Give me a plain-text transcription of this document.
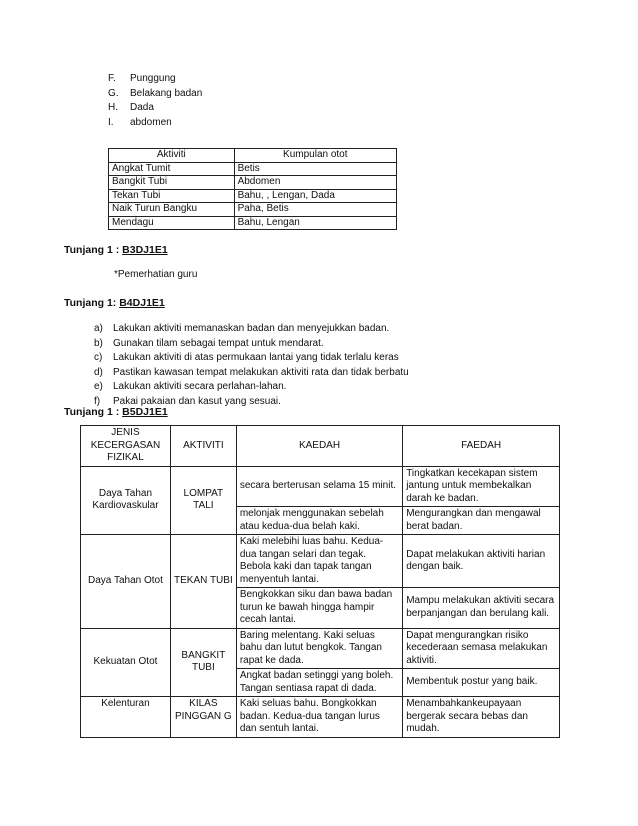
F.	Punggung
G.	Belakang badan
H.	Dada
I.	abdomen
Aktiviti	Kumpulan otot
Angkat Tumit	Betis
Bangkit Tubi	Abdomen
Tekan Tubi	Bahu, , Lengan, Dada
Naik Turun Bangku	Paha, Betis
Mendagu	Bahu, Lengan
Tunjang 1 : B3DJ1E1
*Pemerhatian guru
Tunjang 1: B4DJ1E1
a)	Lakukan aktiviti memanaskan badan dan menyejukkan badan.
b)	Gunakan tilam sebagai tempat untuk mendarat.
c)	Lakukan aktiviti di atas permukaan lantai yang tidak terlalu keras
d)	Pastikan kawasan tempat melakukan aktiviti rata dan tidak berbatu
e)	Lakukan aktiviti secara perlahan-lahan.
f)	Pakai pakaian dan kasut yang sesuai.
Tunjang 1 : B5DJ1E1
JENIS KECERGASAN FIZIKAL	AKTIVITI	KAEDAH	FAEDAH
Daya Tahan Kardiovaskular	LOMPAT TALI	secara berterusan selama 15 minit.	Tingkatkan kecekapan sistem jantung untuk membekalkan darah ke badan.
		melonjak menggunakan sebelah atau kedua-dua belah kaki.	Mengurangkan dan mengawal berat badan.
Daya Tahan Otot	TEKAN TUBI	Kaki melebihi luas bahu. Kedua-dua tangan selari dan tegak. Bebola kaki dan tapak tangan menyentuh lantai.	Dapat melakukan aktiviti harian dengan baik.
		Bengkokkan siku dan bawa badan turun ke bawah hingga hampir cecah lantai.	Mampu melakukan aktiviti secara berpanjangan dan berulang kali.
Kekuatan Otot	BANGKIT TUBI	Baring melentang. Kaki seluas bahu dan lutut bengkok. Tangan rapat ke dada.	Dapat mengurangkan risiko kecederaan semasa melakukan aktiviti.
		Angkat badan setinggi yang boleh. Tangan sentiasa rapat di dada.	Membentuk postur yang baik.
Kelenturan	KILAS PINGGAN G	Kaki seluas bahu. Bongkokkan badan. Kedua-dua tangan lurus dan sentuh lantai.	Menambahkankeupayaan bergerak secara bebas dan mudah.
